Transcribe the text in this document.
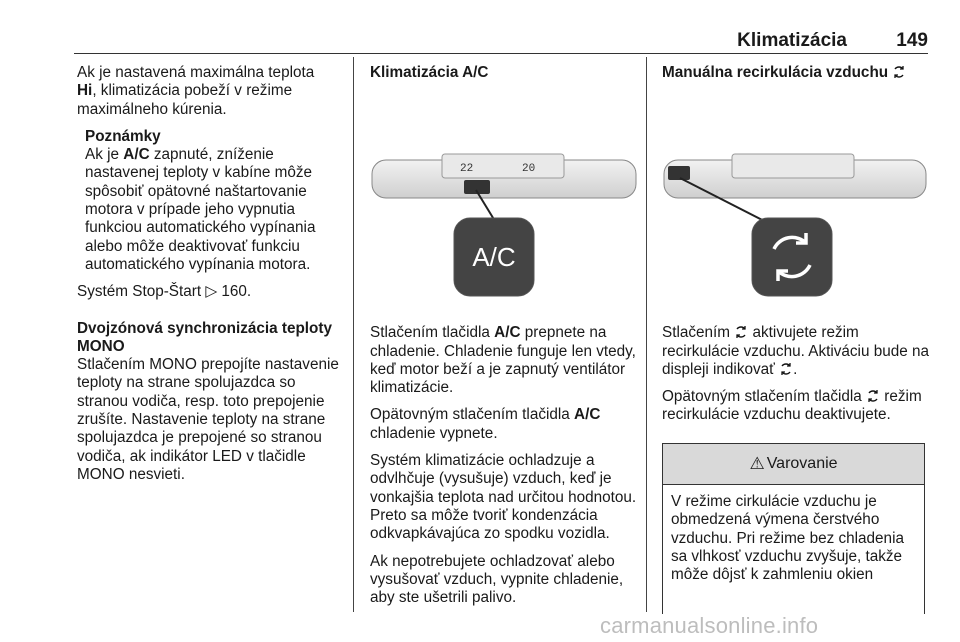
Klimatizácia	149

Ak je nastavená maximálna teplota
Hi, klimatizácia pobeží v režime maximálneho kúrenia.

Poznámky
Ak je A/C zapnuté, zníženie nastavenej teploty v kabíne môže spôsobiť opätovné naštartovanie motora v prípade jeho vypnutia funkciou automatického vypínania alebo môže deaktivovať funkciu automatického vypínania motora.

Systém Stop-Štart ▷ 160.

Dvojzónová synchronizácia teploty MONO

Stlačením MONO prepojíte nastavenie teploty na strane spolujazdca so stranou vodiča, resp. toto prepojenie zrušíte. Nastavenie teploty na strane spolujazdca je prepojené so stranou vodiča, ak indikátor LED v tlačidle MONO nesvieti.

Klimatizácia A/C
22	20
A/C

Stlačením tlačidla A/C prepnete na chladenie. Chladenie funguje len vtedy, keď motor beží a je zapnutý ventilátor klimatizácie.

Opätovným stlačením tlačidla A/C chladenie vypnete.

Systém klimatizácie ochladzuje a odvlhčuje (vysušuje) vzduch, keď je vonkajšia teplota nad určitou hodnotou. Preto sa môže tvoriť kondenzácia odkvapkávajúca zo spodku vozidla.

Ak nepotrebujete ochladzovať alebo vysušovať vzduch, vypnite chladenie, aby ste ušetrili palivo.

Manuálna recirkulácia vzduchu

Stlačením  aktivujete režim recirkulácie vzduchu. Aktiváciu bude na displeji indikovať .

Opätovným stlačením tlačidla  režim recirkulácie vzduchu deaktivujete.

⚠ Varovanie
V režime cirkulácie vzduchu je obmedzená výmena čerstvého vzduchu. Pri režime bez chladenia sa vlhkosť vzduchu zvyšuje, takže môže dôjsť k zahmleniu okien
carmanualsonline.info
